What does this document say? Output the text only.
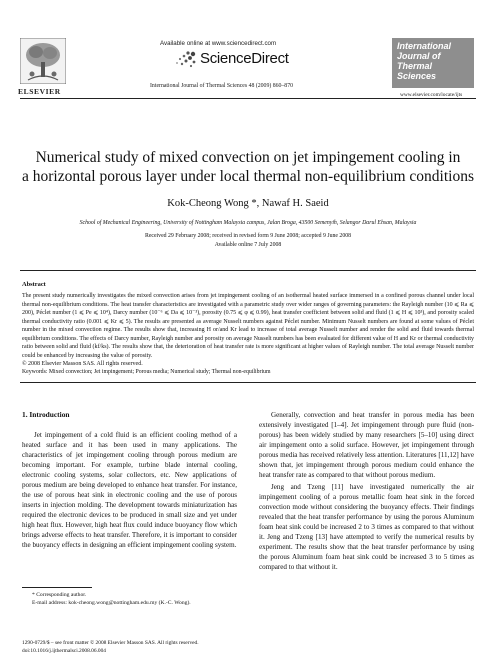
ELSEVIER
Available online at www.sciencedirect.com
ScienceDirect
International Journal of Thermal Sciences 48 (2009) 860–870
International
Journal of
Thermal
Sciences
www.elsevier.com/locate/ijts
Numerical study of mixed convection on jet impingement cooling in
a horizontal porous layer under local thermal non-equilibrium conditions
Kok-Cheong Wong *, Nawaf H. Saeid
School of Mechanical Engineering, University of Nottingham Malaysia campus, Jalan Broga, 43500 Semenyih, Selangor Darul Ehsan, Malaysia
Received 29 February 2008; received in revised form 9 June 2008; accepted 9 June 2008
Available online 7 July 2008
Abstract
The present study numerically investigates the mixed convection arises from jet impingement cooling of an isothermal heated surface immersed in a confined porous channel under local thermal non-equilibrium conditions. The heat transfer characteristics are investigated with a parametric study over wider ranges of governing parameters: the Rayleigh number (10 ⩽ Ra ⩽ 200), Péclet number (1 ⩽ Pe ⩽ 10⁴), Darcy number (10⁻⁶ ⩽ Da ⩽ 10⁻³), porosity (0.75 ⩽ φ ⩽ 0.99), heat transfer coefficient between solid and fluid (1 ⩽ H ⩽ 10³), and porosity scaled thermal conductivity ratio (0.001 ⩽ Kr ⩽ 5). The results are presented as average Nusselt numbers against Péclet number. Minimum Nusselt numbers are found at some values of Péclet number in the mixed convection regime. The results show that, increasing H or/and Kr lead to increase of total average Nusselt number and render the solid and fluid towards thermal equilibrium conditions. The effects of Darcy number, Rayleigh number and porosity on average Nusselt numbers has been evaluated for different value of H and Kr or thermal conductivity ratio between solid and fluid (kf/ks). The results show that, the deterioration of heat transfer rate is more significant at higher values of Rayleigh number. The total average Nusselt number could be enhanced by increasing the value of porosity.
© 2008 Elsevier Masson SAS. All rights reserved.
Keywords: Mixed convection; Jet impingement; Porous media; Numerical study; Thermal non-equilibrium
1. Introduction

Jet impingement of a cold fluid is an efficient cooling method of a heated surface and it has been used in many applications. The characteristics of jet impingement cooling through porous medium are becoming important. For example, turbine blade internal cooling, electronic cooling systems, solar collectors, etc. New applications of porous medium are being developed to enhance heat transfer. For instance, the use of porous heat sink in electronic cooling and the use of porous inserts in injection molding. The development towards miniaturization has required the electronic devices to be produced in small size and yet under high heat flux. However, high heat flux could induce buoyancy flow which brings adverse effects to heat transfer. Therefore, it is important to consider the buoyancy effects in designing an efficient impingement cooling system.

Generally, convection and heat transfer in porous media has been extensively investigated [1–4]. Jet impingement through pure fluid (non-porous) has been widely studied by many researchers [5–10] using direct air impingement onto a solid surface. However, jet impingement through porous media has received relatively less attention. Literatures [11,12] have shown that, jet impingement through porous medium could enhance the heat transfer rate as compared to that without porous medium.

Jeng and Tzeng [11] have investigated numerically the air impingement cooling of a porous metallic foam heat sink in the forced convection mode without considering the buoyancy effects. Their findings revealed that the heat transfer performance by using the porous Aluminum foam heat sink could be increased 2 to 3 times as compared to that without it. Jeng and Tzeng [13] have attempted to verify the numerical results by experiment. The results show that the heat transfer performance by using the porous Aluminum foam heat sink could be increased 3 to 5 times as compared to that without it.

* Corresponding author.
E-mail address: kok-cheong.wong@nottingham.edu.my (K.-C. Wong).
1290-0729/$ – see front matter © 2008 Elsevier Masson SAS. All rights reserved.
doi:10.1016/j.ijthermalsci.2008.06.004
